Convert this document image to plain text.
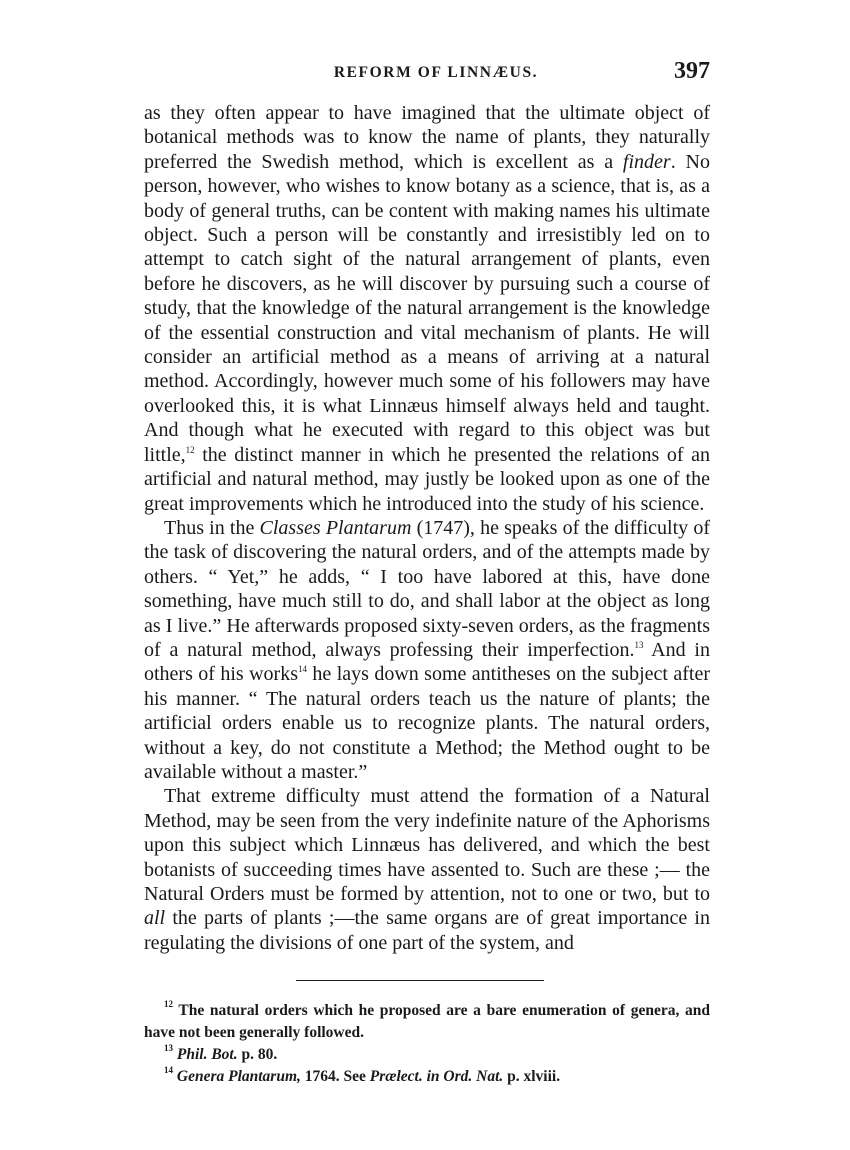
REFORM OF LINNÆUS.	397

as they often appear to have imagined that the ultimate object of botanical methods was to know the name of plants, they naturally preferred the Swedish method, which is excellent as a finder. No person, however, who wishes to know botany as a science, that is, as a body of general truths, can be content with making names his ultimate object. Such a person will be constantly and irresistibly led on to attempt to catch sight of the natural arrangement of plants, even before he discovers, as he will discover by pursuing such a course of study, that the knowledge of the natural arrangement is the knowledge of the essential construction and vital mechanism of plants. He will consider an artificial method as a means of arriving at a natural method. Accordingly, however much some of his followers may have overlooked this, it is what Linnæus himself always held and taught. And though what he executed with regard to this object was but little,$^{12}$ the distinct manner in which he presented the relations of an artificial and natural method, may justly be looked upon as one of the great improvements which he introduced into the study of his science.

Thus in the Classes Plantarum (1747), he speaks of the difficulty of the task of discovering the natural orders, and of the attempts made by others. “ Yet,” he adds, “ I too have labored at this, have done something, have much still to do, and shall labor at the object as long as I live.” He afterwards proposed sixty-seven orders, as the fragments of a natural method, always professing their imperfection.$^{13}$ And in others of his works$^{14}$ he lays down some antitheses on the subject after his manner. “ The natural orders teach us the nature of plants; the artificial orders enable us to recognize plants. The natural orders, without a key, do not constitute a Method; the Method ought to be available without a master.”

That extreme difficulty must attend the formation of a Natural Method, may be seen from the very indefinite nature of the Aphorisms upon this subject which Linnæus has delivered, and which the best botanists of succeeding times have assented to. Such are these ;— the Natural Orders must be formed by attention, not to one or two, but to all the parts of plants ;—the same organs are of great importance in regulating the divisions of one part of the system, and

$^{12}$ The natural orders which he proposed are a bare enumeration of genera, and have not been generally followed.

$^{13}$ Phil. Bot. p. 80.

$^{14}$ Genera Plantarum, 1764. See Prælect. in Ord. Nat. p. xlviii.
